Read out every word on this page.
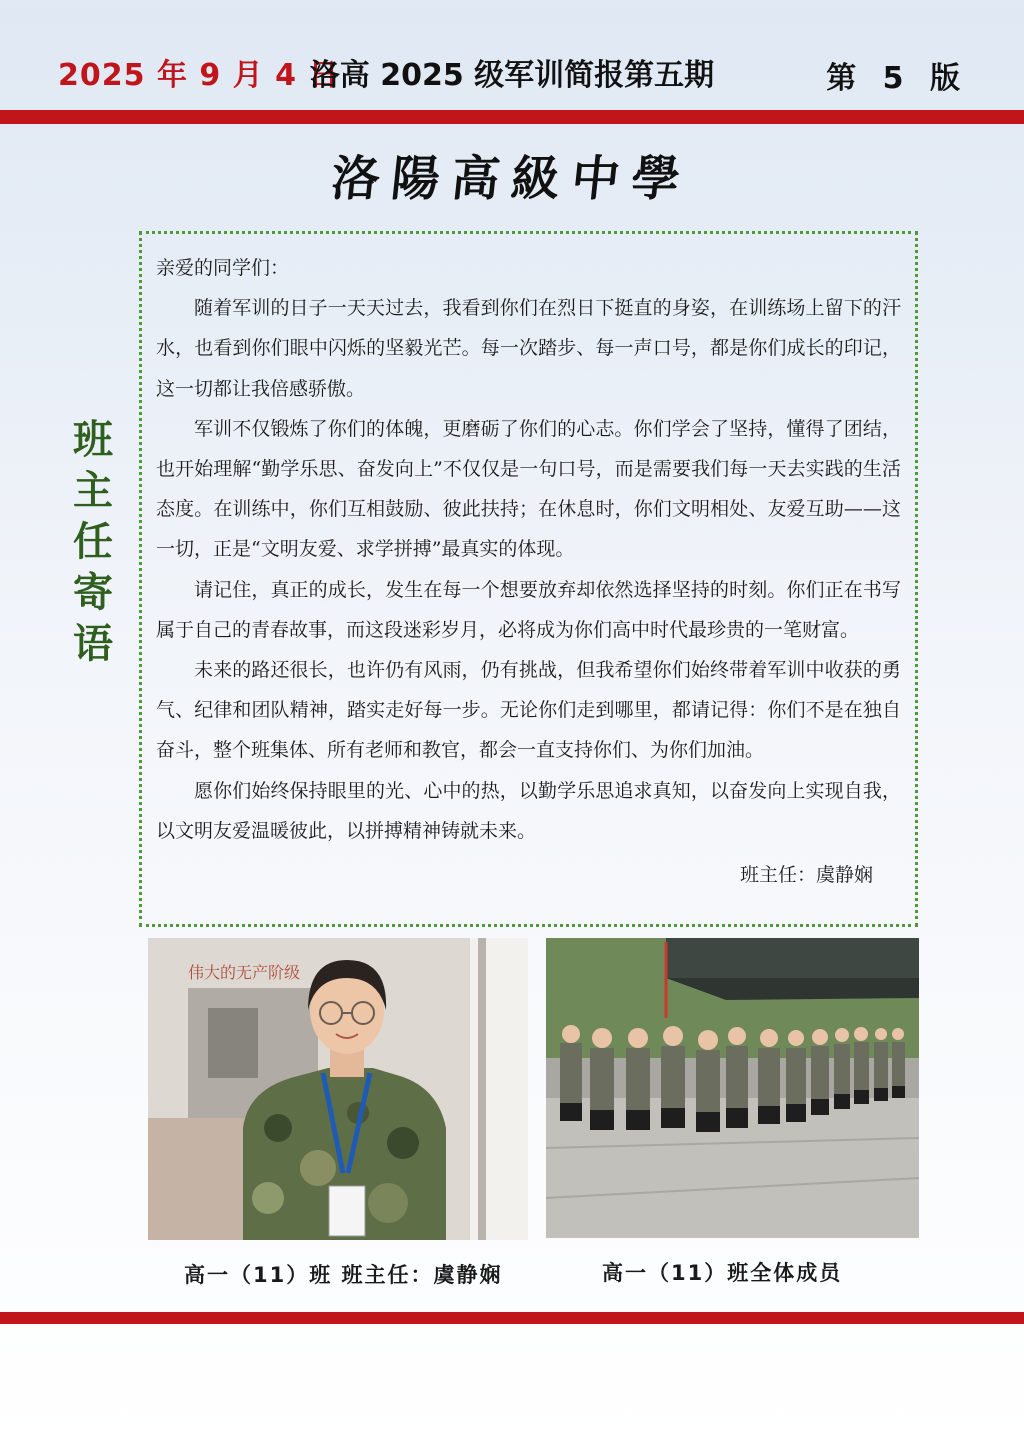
2025 年 9 月 4 日
洛高 2025 级军训简报第五期	第 5 版
洛陽高級中學
班主任寄语

亲爱的同学们：

随着军训的日子一天天过去，我看到你们在烈日下挺直的身姿，在训练场上留下的汗水，也看到你们眼中闪烁的坚毅光芒。每一次踏步、每一声口号，都是你们成长的印记，这一切都让我倍感骄傲。

军训不仅锻炼了你们的体魄，更磨砺了你们的心志。你们学会了坚持，懂得了团结，也开始理解“勤学乐思、奋发向上”不仅仅是一句口号，而是需要我们每一天去实践的生活态度。在训练中，你们互相鼓励、彼此扶持；在休息时，你们文明相处、友爱互助——这一切，正是“文明友爱、求学拼搏”最真实的体现。

请记住，真正的成长，发生在每一个想要放弃却依然选择坚持的时刻。你们正在书写属于自己的青春故事，而这段迷彩岁月，必将成为你们高中时代最珍贵的一笔财富。

未来的路还很长，也许仍有风雨，仍有挑战，但我希望你们始终带着军训中收获的勇气、纪律和团队精神，踏实走好每一步。无论你们走到哪里，都请记得：你们不是在独自奋斗，整个班集体、所有老师和教官，都会一直支持你们、为你们加油。

愿你们始终保持眼里的光、心中的热，以勤学乐思追求真知，以奋发向上实现自我，以文明友爱温暖彼此，以拼搏精神铸就未来。

班主任：虞静娴

伟大的无产阶级
高一（11）班 班主任：虞静娴	高一（11）班全体成员
